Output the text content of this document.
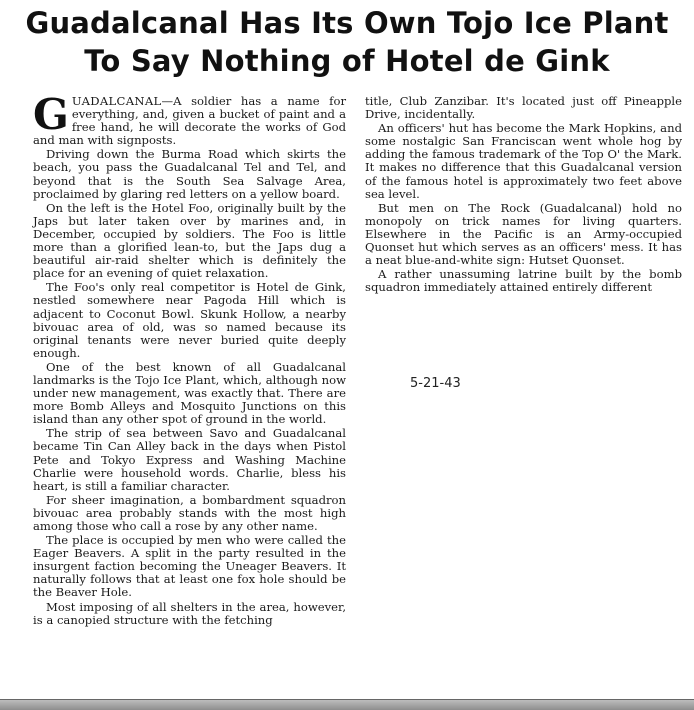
Guadalcanal Has Its Own Tojo Ice Plant
To Say Nothing of Hotel de Gink

GUADALCANAL—A soldier has a name for everything, and, given a bucket of paint and a free hand, he will decorate the works of God and man with signposts.

Driving down the Burma Road which skirts the beach, you pass the Guadalcanal Tel and Tel, and beyond that is the South Sea Salvage Area, proclaimed by glaring red letters on a yellow board.

On the left is the Hotel Foo, originally built by the Japs but later taken over by marines and, in December, occupied by soldiers. The Foo is little more than a glorified lean-to, but the Japs dug a beautiful air-raid shelter which is definitely the place for an evening of quiet relaxation.

The Foo's only real competitor is Hotel de Gink, nestled somewhere near Pagoda Hill which is adjacent to Coconut Bowl. Skunk Hollow, a nearby bivouac area of old, was so named because its original tenants were never buried quite deeply enough.

One of the best known of all Guadalcanal landmarks is the Tojo Ice Plant, which, although now under new management, was exactly that. There are more Bomb Alleys and Mosquito Junctions on this island than any other spot of ground in the world.

The strip of sea between Savo and Guadalcanal became Tin Can Alley back in the days when Pistol Pete and Tokyo Express and Washing Machine Charlie were household words. Charlie, bless his heart, is still a familiar character.

For sheer imagination, a bombardment squadron bivouac area probably stands with the most high among those who call a rose by any other name.

The place is occupied by men who were called the Eager Beavers. A split in the party resulted in the insurgent faction becoming the Uneager Beavers. It naturally follows that at least one fox hole should be the Beaver Hole.

Most imposing of all shelters in the area, however, is a canopied structure with the fetching

title, Club Zanzibar. It's located just off Pineapple Drive, incidentally.

An officers' hut has become the Mark Hopkins, and some nostalgic San Franciscan went whole hog by adding the famous trademark of the Top O' the Mark. It makes no difference that this Guadalcanal version of the famous hotel is approximately two feet above sea level.

But men on The Rock (Guadalcanal) hold no monopoly on trick names for living quarters. Elsewhere in the Pacific is an Army-occupied Quonset hut which serves as an officers' mess. It has a neat blue-and-white sign: Hutset Quonset.

A rather unassuming latrine built by the bomb squadron immediately attained entirely different

5-21-43
